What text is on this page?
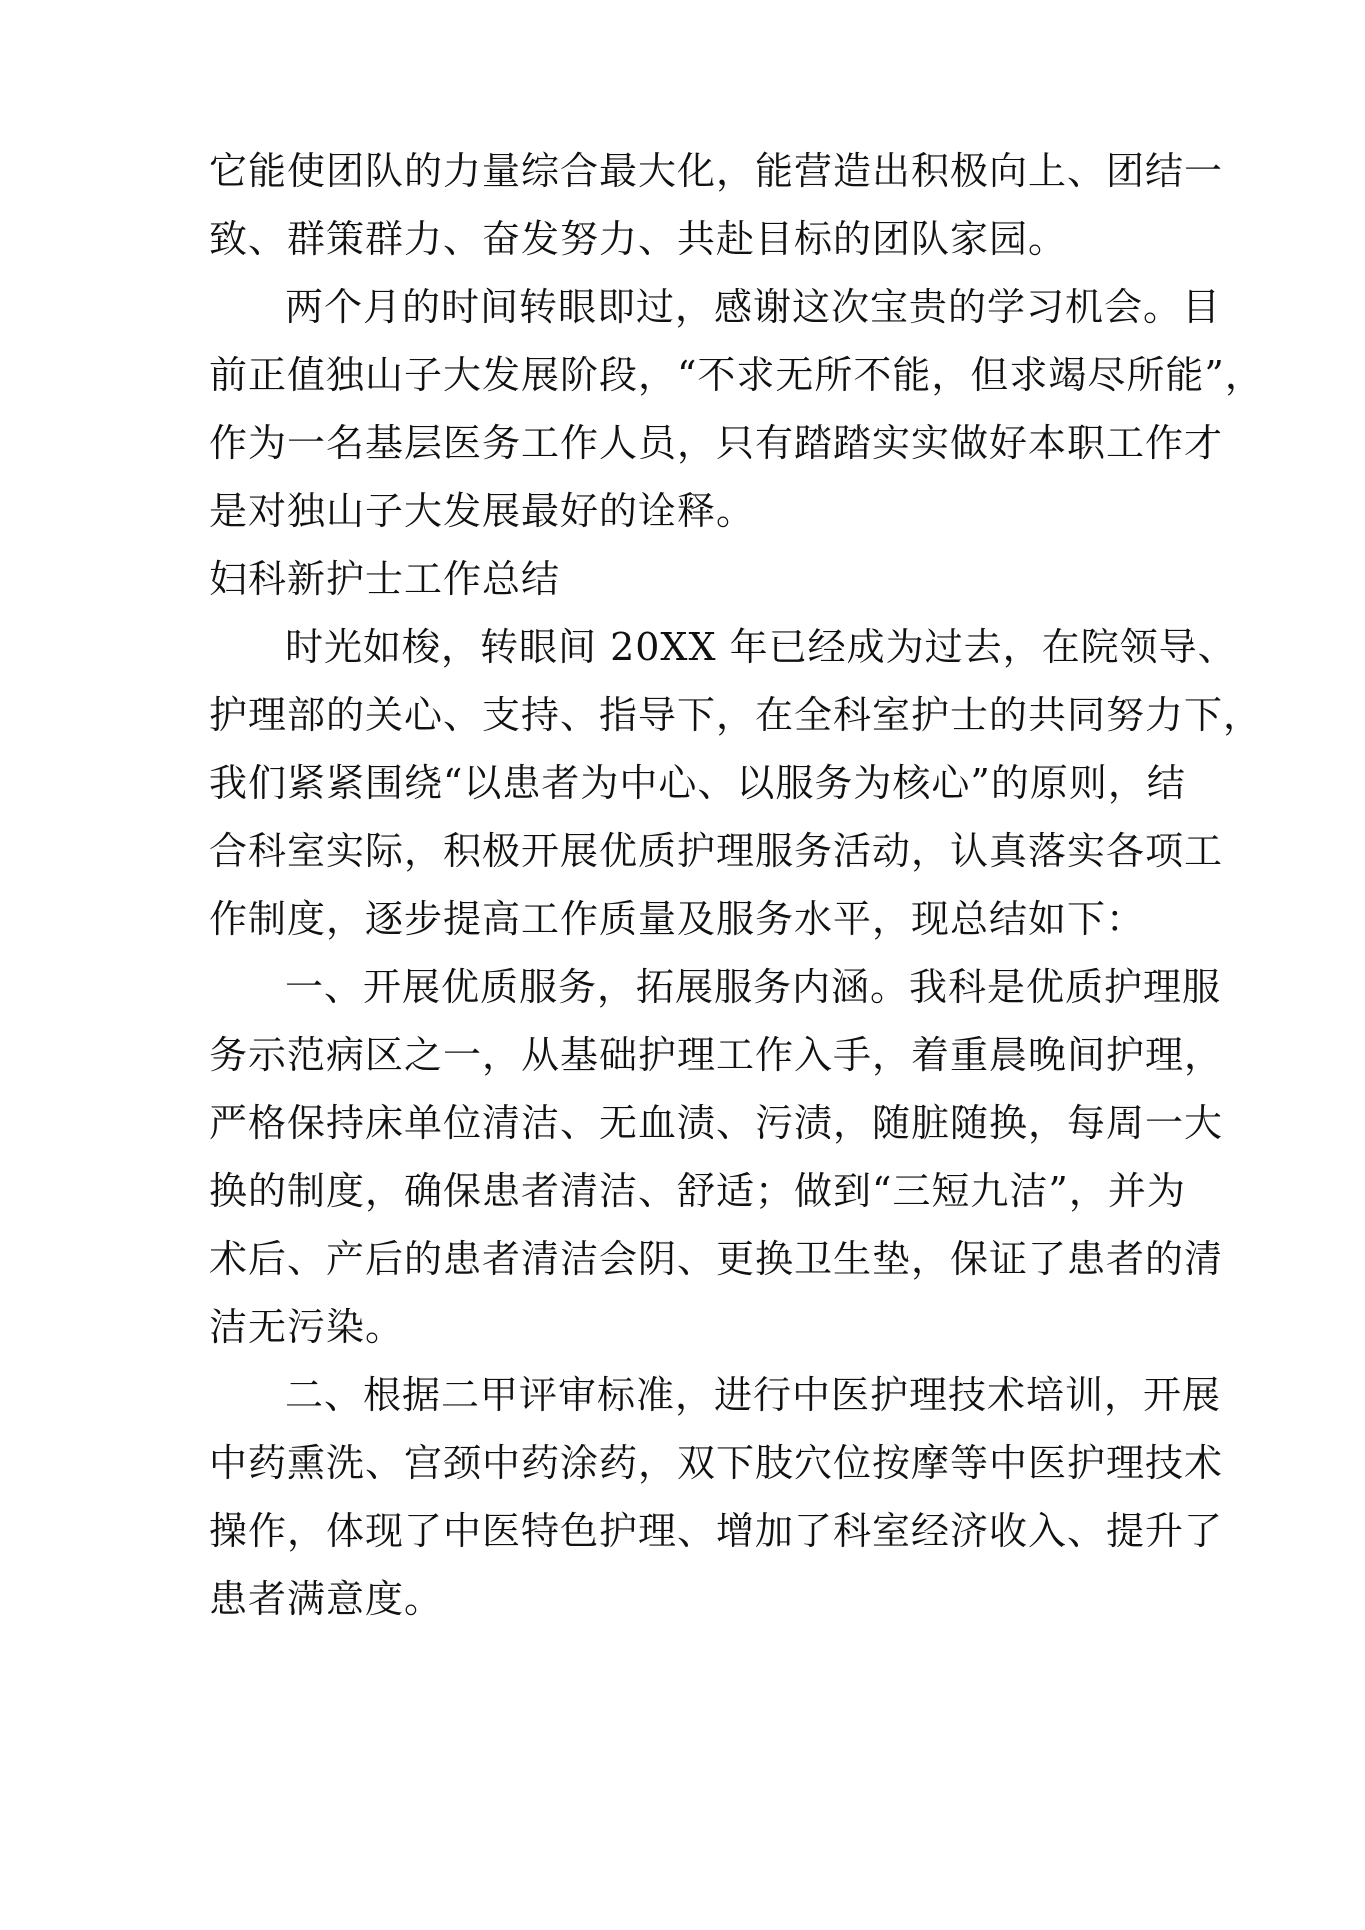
它能使团队的力量综合最大化，能营造出积极向上、团结一
致、群策群力、奋发努力、共赴目标的团队家园。
两个月的时间转眼即过，感谢这次宝贵的学习机会。目
前正值独山子大发展阶段，“不求无所不能，但求竭尽所能”，
作为一名基层医务工作人员，只有踏踏实实做好本职工作才
是对独山子大发展最好的诠释。
妇科新护士工作总结
时光如梭，转眼间 20XX 年已经成为过去，在院领导、
护理部的关心、支持、指导下，在全科室护士的共同努力下，
我们紧紧围绕“以患者为中心、以服务为核心”的原则，结
合科室实际，积极开展优质护理服务活动，认真落实各项工
作制度，逐步提高工作质量及服务水平，现总结如下：
一、开展优质服务，拓展服务内涵。我科是优质护理服
务示范病区之一，从基础护理工作入手，着重晨晚间护理，
严格保持床单位清洁、无血渍、污渍，随脏随换，每周一大
换的制度，确保患者清洁、舒适；做到“三短九洁”，并为
术后、产后的患者清洁会阴、更换卫生垫，保证了患者的清
洁无污染。
二、根据二甲评审标准，进行中医护理技术培训，开展
中药熏洗、宫颈中药涂药，双下肢穴位按摩等中医护理技术
操作，体现了中医特色护理、增加了科室经济收入、提升了
患者满意度。
